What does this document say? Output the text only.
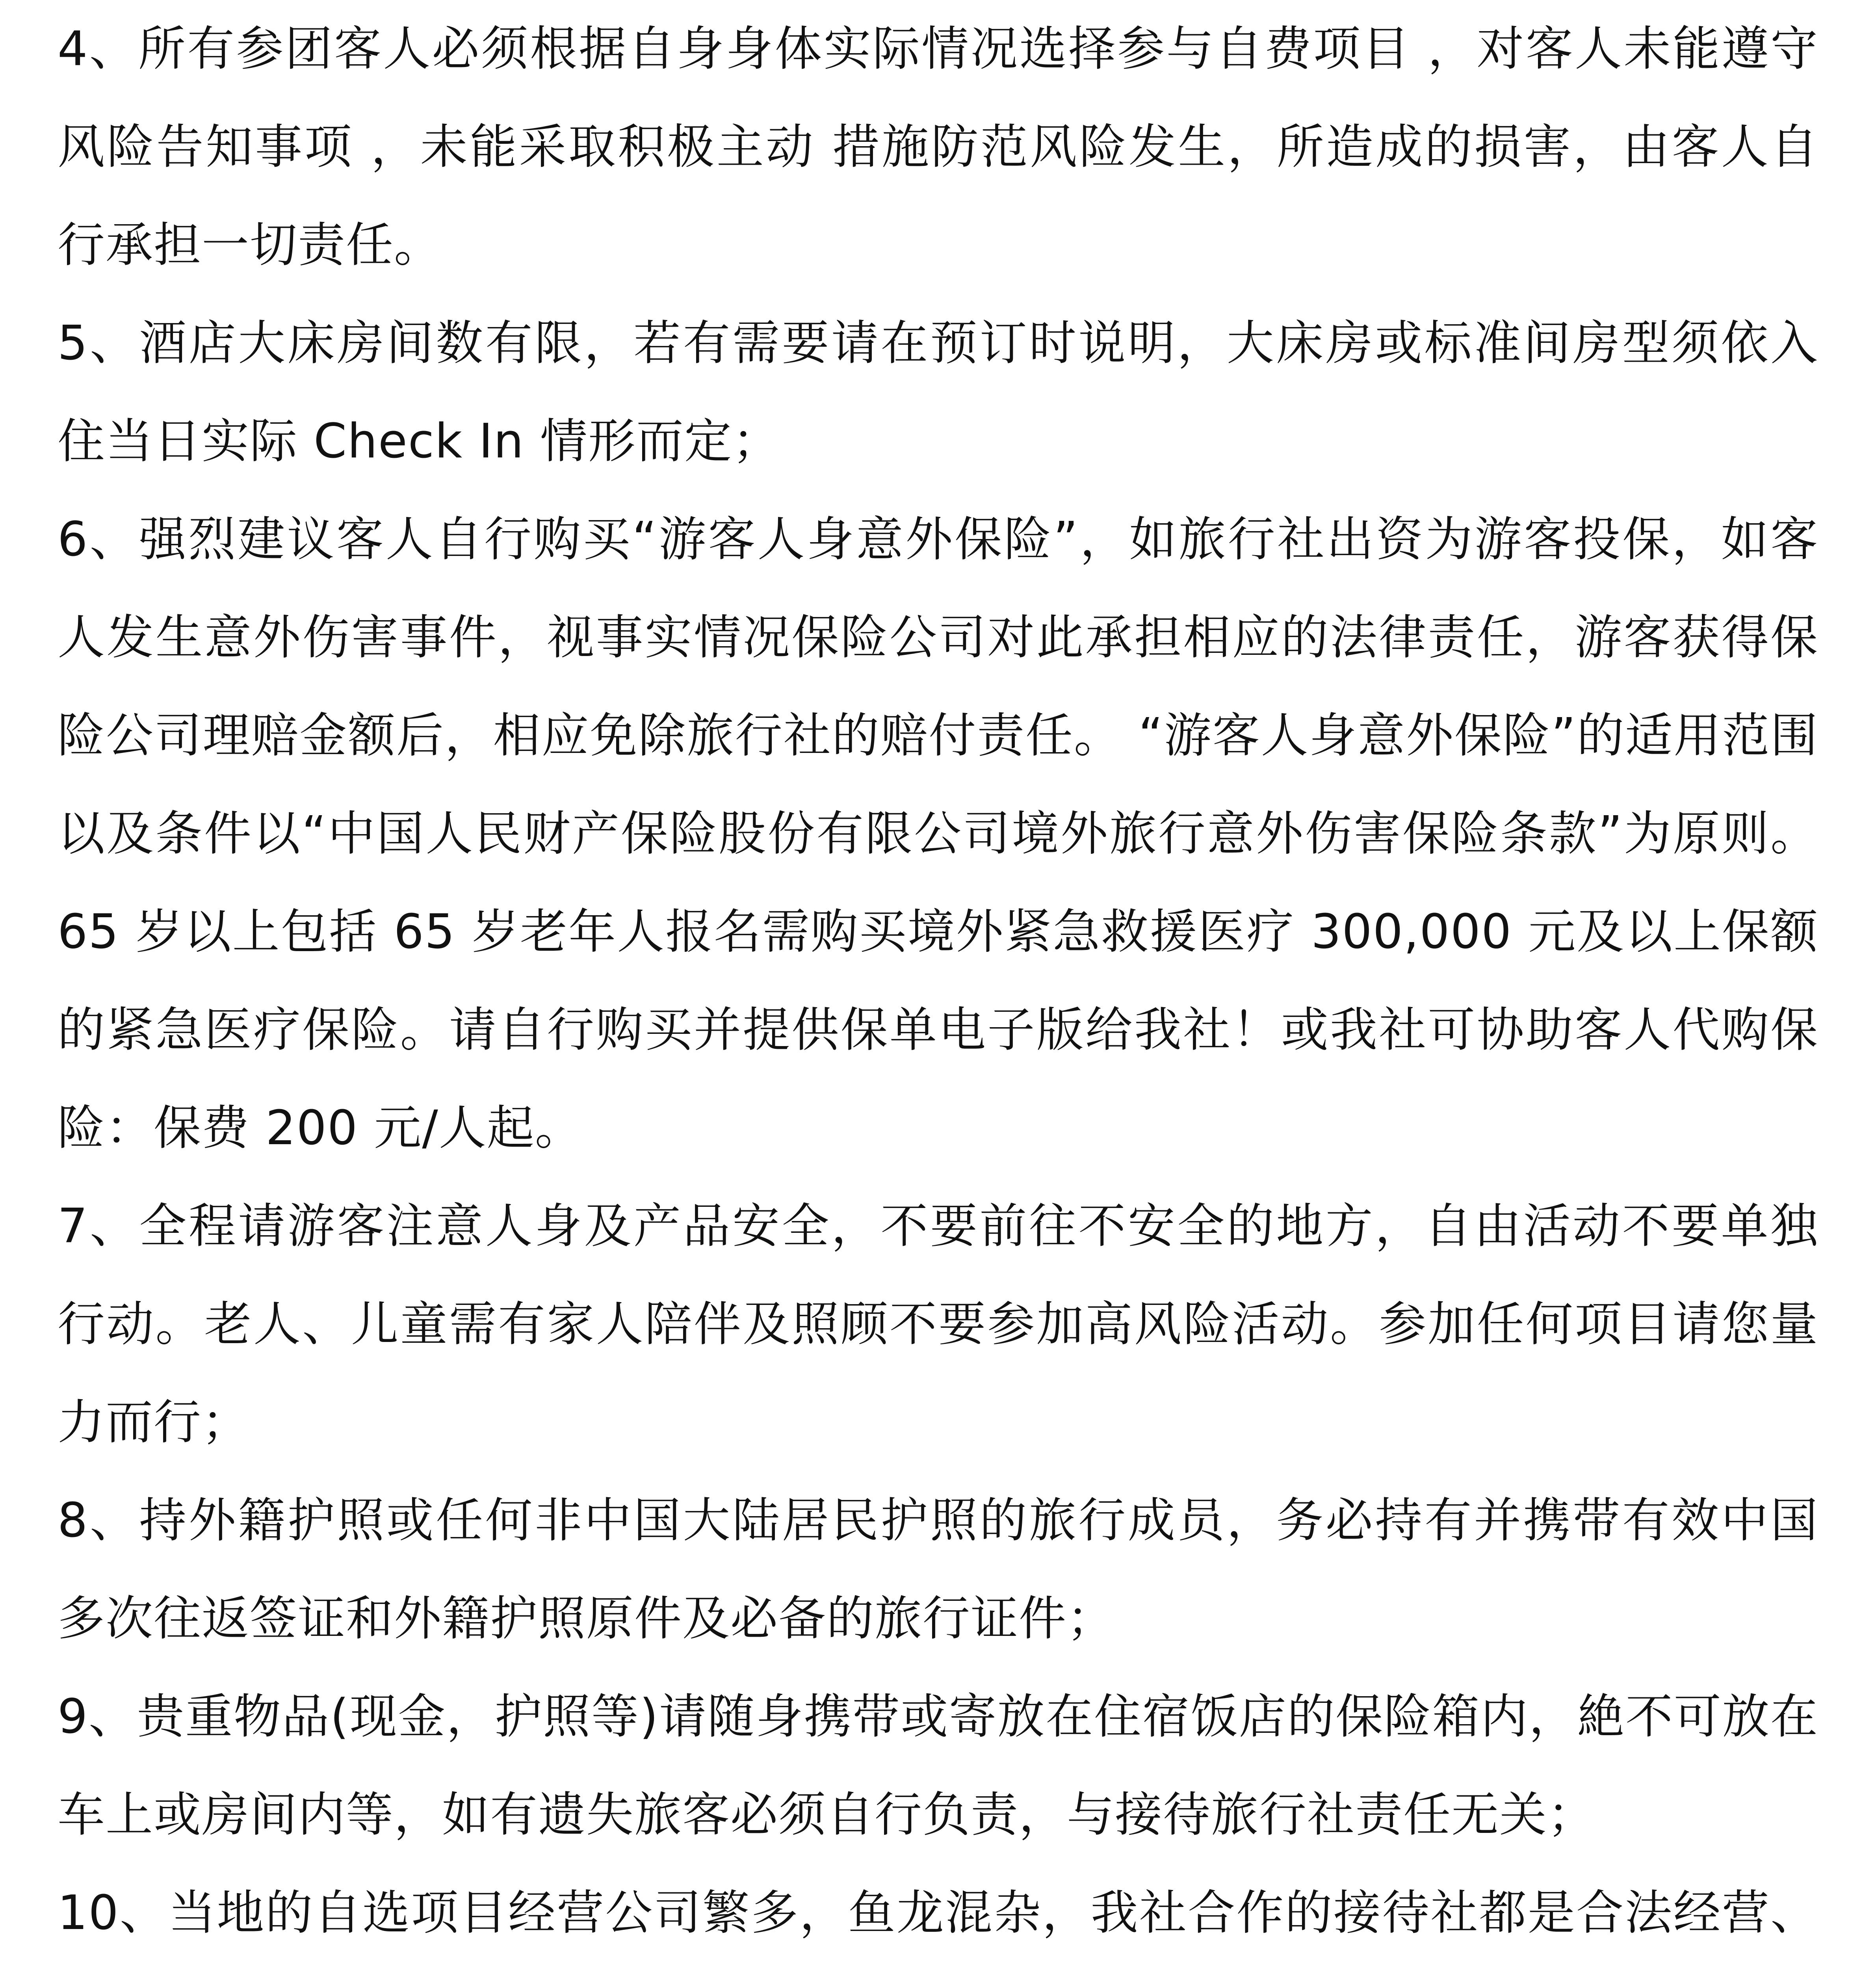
4、所有参团客人必须根据自身身体实际情况选择参与自费项目 ，对客人未能遵守风险告知事项 ，未能采取积极主动 措施防范风险发生，所造成的损害，由客人自行承担一切责任。

5、酒店大床房间数有限，若有需要请在预订时说明，大床房或标准间房型须依入住当日实际 Check In 情形而定；

6、强烈建议客人自行购买“游客人身意外保险”，如旅行社出资为游客投保，如客人发生意外伤害事件，视事实情况保险公司对此承担相应的法律责任，游客获得保险公司理赔金额后，相应免除旅行社的赔付责任。 “游客人身意外保险”的适用范围以及条件以“中国人民财产保险股份有限公司境外旅行意外伤害保险条款”为原则。65 岁以上包括 65 岁老年人报名需购买境外紧急救援医疗 300,000 元及以上保额的紧急医疗保险。请自行购买并提供保单电子版给我社！或我社可协助客人代购保险：保费 200 元/人起。

7、全程请游客注意人身及产品安全，不要前往不安全的地方，自由活动不要单独行动。老人、儿童需有家人陪伴及照顾不要参加高风险活动。参加任何项目请您量力而行；

8、持外籍护照或任何非中国大陆居民护照的旅行成员，务必持有并携带有效中国多次往返签证和外籍护照原件及必备的旅行证件；

9、贵重物品(现金，护照等)请随身携带或寄放在住宿饭店的保险箱内，絶不可放在车上或房间内等，如有遗失旅客必须自行负责，与接待旅行社责任无关；

10、当地的自选项目经营公司繁多，鱼龙混杂，我社合作的接待社都是合法经营、
